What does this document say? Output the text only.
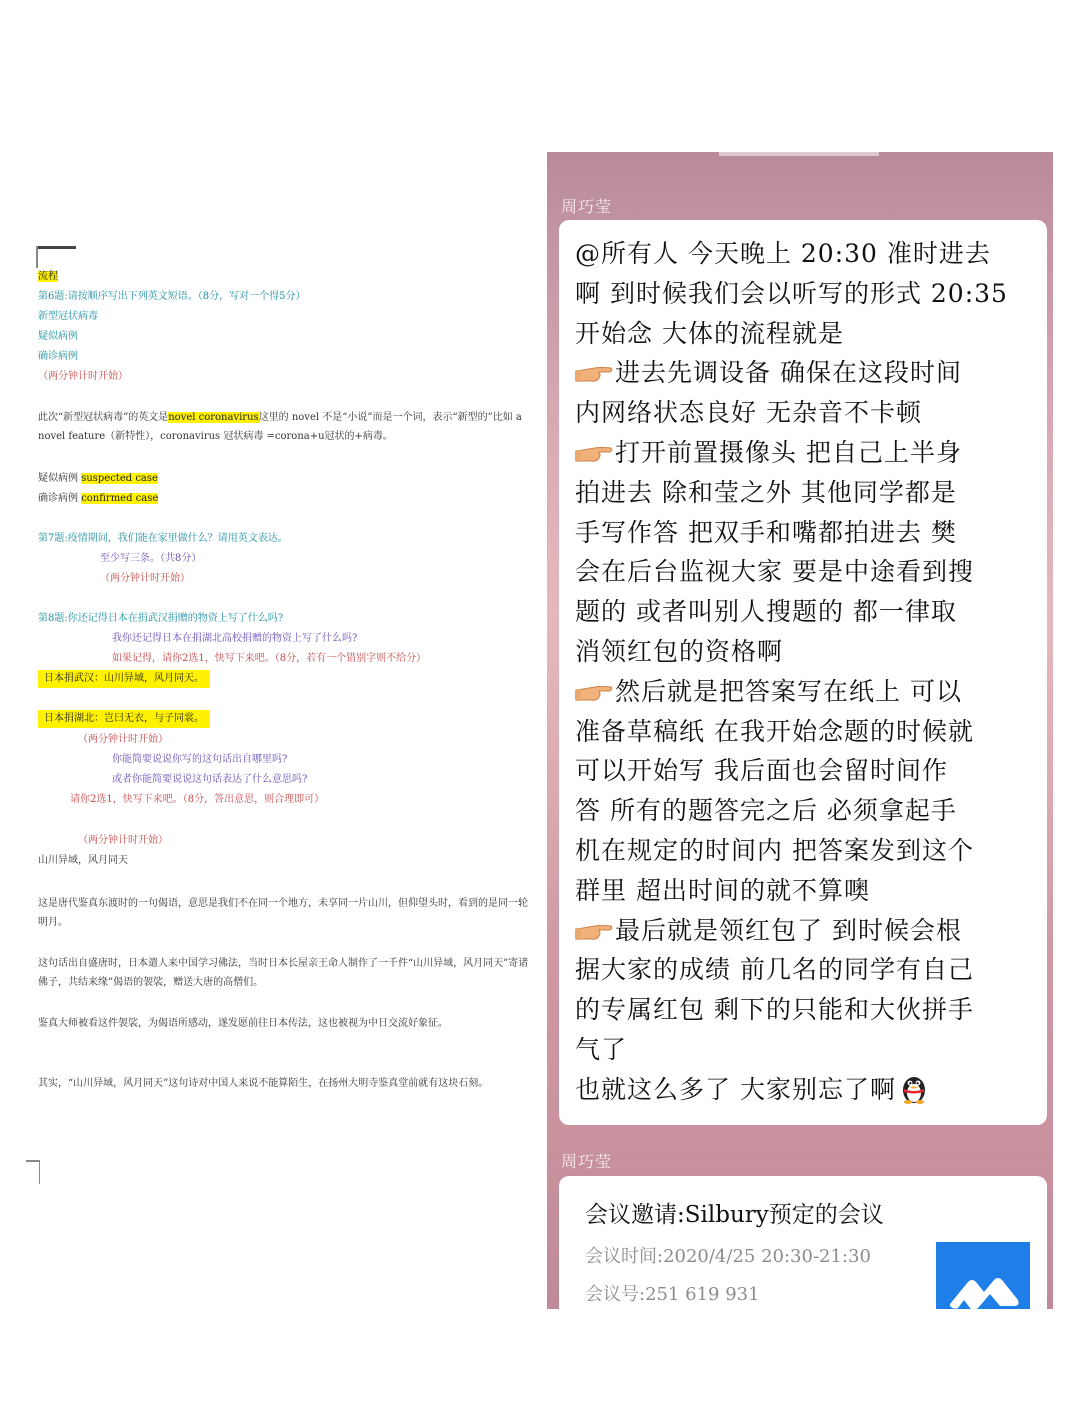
流程
第6题:请按顺序写出下列英文短语。（8分，写对一个得5分）
新型冠状病毒
疑似病例
确诊病例
（两分钟计时开始）
此次“新型冠状病毒”的英文是novel coronavirus这里的 novel 不是“小说”而是一个词，表示“新型的”比如 a novel feature（新特性），coronavirus 冠状病毒 =corona+u冠状的+病毒。
疑似病例 suspected case
确诊病例 confirmed case
第7题:疫情期间，我们能在家里做什么？请用英文表达。
至少写三条。（共8分）
（两分钟计时开始）
第8题:你还记得日本在捐武汉捐赠的物资上写了什么吗?
我你还记得日本在捐湖北高校捐赠的物资上写了什么吗?
如果记得，请你2选1，快写下来吧。（8分，若有一个错别字则不给分）
日本捐武汉：山川异域，风月同天。
日本捐湖北：岂曰无衣，与子同裳。
（两分钟计时开始）
你能简要说说你写的这句话出自哪里吗?
或者你能简要说说这句话表达了什么意思吗?
请你2选1，快写下来吧。（8分，答出意思，则合理即可）
（两分钟计时开始）
山川异域，风月同天
这是唐代鉴真东渡时的一句偈语，意思是我们不在同一个地方，未享同一片山川，但仰望头时，看到的是同一轮明月。
这句话出自盛唐时，日本遣人来中国学习佛法，当时日本长屋亲王命人制作了一千件“山川异域，风月同天”寄诸佛子，共结来缘”偈语的袈裟，赠送大唐的高僧们。
鉴真大师被看这件袈裟，为偈语所感动，遂发愿前往日本传法，这也被视为中日交流好象征。
其实，“山川异域，风月同天”这句诗对中国人来说不能算陌生，在扬州大明寺鉴真堂前就有这块石刻。
周巧莹
@所有人 今天晚上 20:30 准时进去
啊 到时候我们会以听写的形式 20:35
开始念 大体的流程就是
进去先调设备 确保在这段时间
内网络状态良好 无杂音不卡顿
打开前置摄像头 把自己上半身
拍进去 除和莹之外 其他同学都是
手写作答 把双手和嘴都拍进去 樊
会在后台监视大家 要是中途看到搜
题的 或者叫别人搜题的 都一律取
消领红包的资格啊
然后就是把答案写在纸上 可以
准备草稿纸 在我开始念题的时候就
可以开始写 我后面也会留时间作
答 所有的题答完之后 必须拿起手
机在规定的时间内 把答案发到这个
群里 超出时间的就不算噢
最后就是领红包了 到时候会根
据大家的成绩 前几名的同学有自己
的专属红包 剩下的只能和大伙拼手
气了
也就这么多了 大家别忘了啊
周巧莹
会议邀请:Silbury预定的会议
会议时间:2020/4/25 20:30-21:30
会议号:251 619 931
